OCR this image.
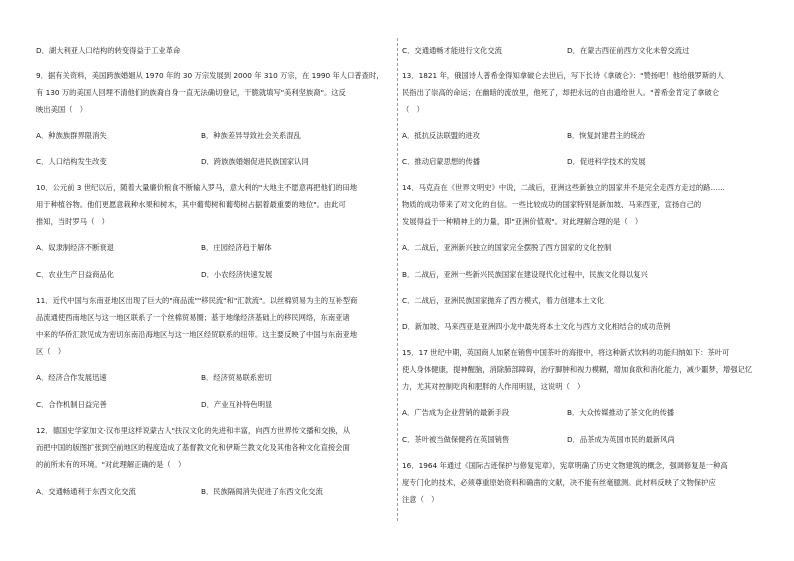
D．湖大利亚人口结构的转变得益于工业革命
9．据有关资料，美国跨族婚姻从 1970 年的 30 万宗发展到 2000 年 310 万宗，在 1990 年人口普查时，
有 130 万的美国人回埋不清他们的族裔自身一直无法确切登记，干脆就填写"美利坚族裔"。这反
映出美国（　）
A．种族族群界限消失	B．种族差异导致社会关系混乱
C．人口结构发生改变	D．跨族族婚姻促进民族国家认同
10．公元前 3 世纪以后，随着大量廉价粮食不断输入罗马，意大利的"大地主不愿意再把他们的田地
用于种植谷物。他们更愿意栽种水果和树木，其中葡萄树和葡萄树占据着最重要的地位"。由此可
推知，当时罗马（　）
A．奴隶制经济不断衰退	B．庄园经济趋于解体
C．农业生产日益商品化	D．小农经济快速发展
11．近代中国与东南亚地区出现了巨大的"商品流""移民流"和"汇款流"。以丝棉贸易为主的互补型商
品流通使西南地区与这一地区联系了一个丝棉贸易圈；基于地缘经济基础上的移民网络，东南亚诸
中来的华侨汇款见成为密切东南沿海地区与这一地区经贸联系的纽带。这主要反映了中国与东南亚地
区（　）
A．经济合作发展迅速	B．经济贸易联系密切
C．合作机制日益完善	D．产业互补特色明显
12．德国史学家加文·汉布里这样说蒙古人"扶汉文化的先进和丰富，向西方世界传文播和交换，从
而把中国的版图扩张到空前地区的程度造成了基督教文化和伊斯兰教文化及其他各种文化直接会面
的前所未有的环境。"对此理解正确的是（　）
A．交通畅通利于东西文化交流	B．民族隔阂消失促进了东西文化交流
C．交通通畅才能进行文化交流	D．在蒙古西征前西方文化未曾交流过
13．1821 年，俄国诗人普希金得知拿破仑去世后，写下长诗《拿破仑》："赞扬吧！他给俄罗斯的人
民指出了崇高的命运；在幽暗的流放里，他死了，却把永远的自由遗给世人。"普希金肯定了拿破仑
（　）
A．抵抗反法联盟的进攻	B．恢复封建君主的统治
C．推动启蒙思想的传播	D．促进科学技术的发展
14．马克垚在《世界文明史》中说，二战后，亚洲这些新独立的国家并不是完全走西方走过的路……
物质的成功带来了对文化的自信。一些比较成功的国家特别是新加坡、马来西亚，宣扬自己的
发展得益于一种精神上的力量，即"亚洲价值观"。对此理解合理的是（　）
A．二战后，亚洲新兴独立的国家完全摆脱了西方国家的文化控制
B．二战后，亚洲一些新兴民族国家在建设现代化过程中，民族文化得以复兴
C．二战后，亚洲民族国家抛弃了西方模式，着力创建本土文化
D．新加坡、马来西亚是亚洲四小龙中最先将本土文化与西方文化相结合的成功范例
15．17 世纪中期，英国商人加紧在销售中国茶叶的海报中，将这种新式饮料的功能归纳如下：茶叶可
使人身体健康，提神醒脑，消除肺部障碍，治疗脚肿和视力模糊，增加食欲和消化能力，减少噩梦，增强记忆
力，尤其对控制吃肉和肥胖的人作用明显，这说明（　）
A．广告成为企业营销的最新手段	B．大众传媒推动了茶文化的传播
C．茶叶被当做保健药在英国销售	D．品茶成为英国市民的最新风尚
16．1964 年通过《国际古迹保护与修复宪章》，宪章明确了历史文物建筑的概念，强调修复是一种高
度专门化的技术，必须尊重原始资料和确凿的文献，决不能有丝毫臆测。此材料反映了文物保护应
注意（　）
